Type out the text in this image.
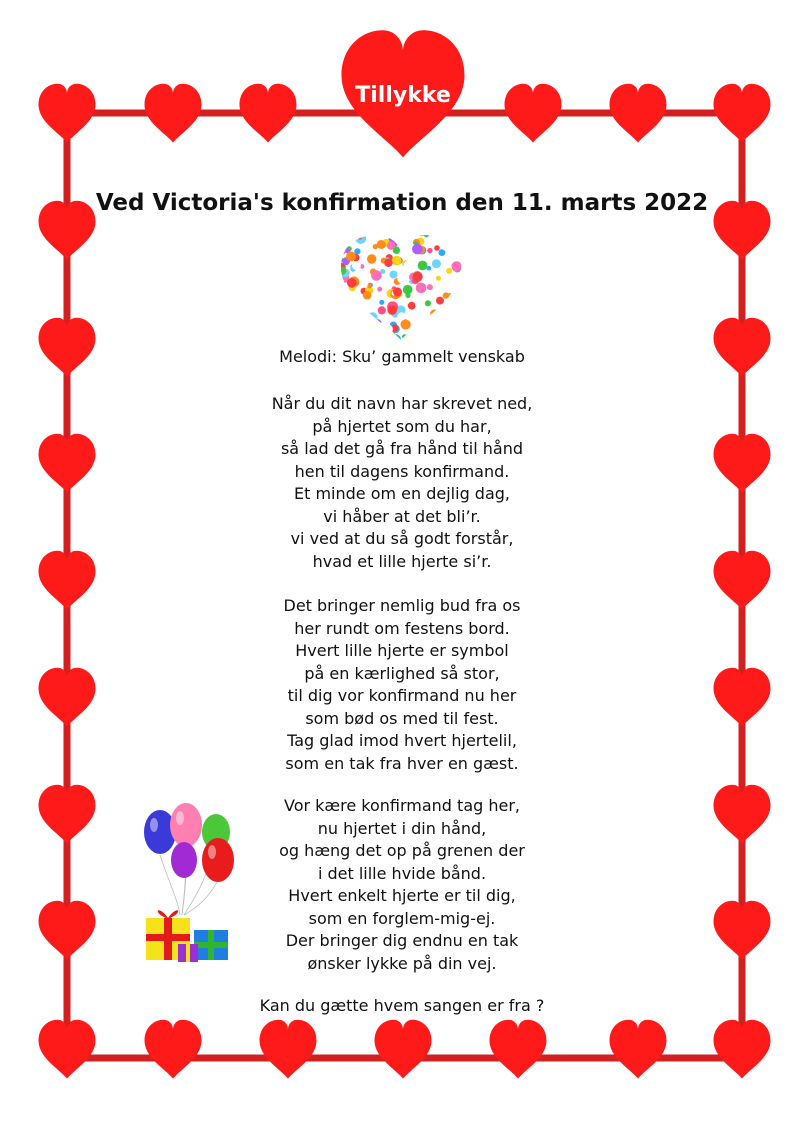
Tillykke
Ved Victoria's konfirmation den 11. marts 2022
Melodi: Sku’ gammelt venskab
Når du dit navn har skrevet ned,
på hjertet som du har,
så lad det gå fra hånd til hånd
hen til dagens konfirmand.
Et minde om en dejlig dag,
vi håber at det bli’r.
vi ved at du så godt forstår,
hvad et lille hjerte si’r.
Det bringer nemlig bud fra os
her rundt om festens bord.
Hvert lille hjerte er symbol
på en kærlighed så stor,
til dig vor konfirmand nu her
som bød os med til fest.
Tag glad imod hvert hjertelil,
som en tak fra hver en gæst.
Vor kære konfirmand tag her,
nu hjertet i din hånd,
og hæng det op på grenen der
i det lille hvide bånd.
Hvert enkelt hjerte er til dig,
som en forglem-mig-ej.
Der bringer dig endnu en tak
ønsker lykke på din vej.
Kan du gætte hvem sangen er fra ?
